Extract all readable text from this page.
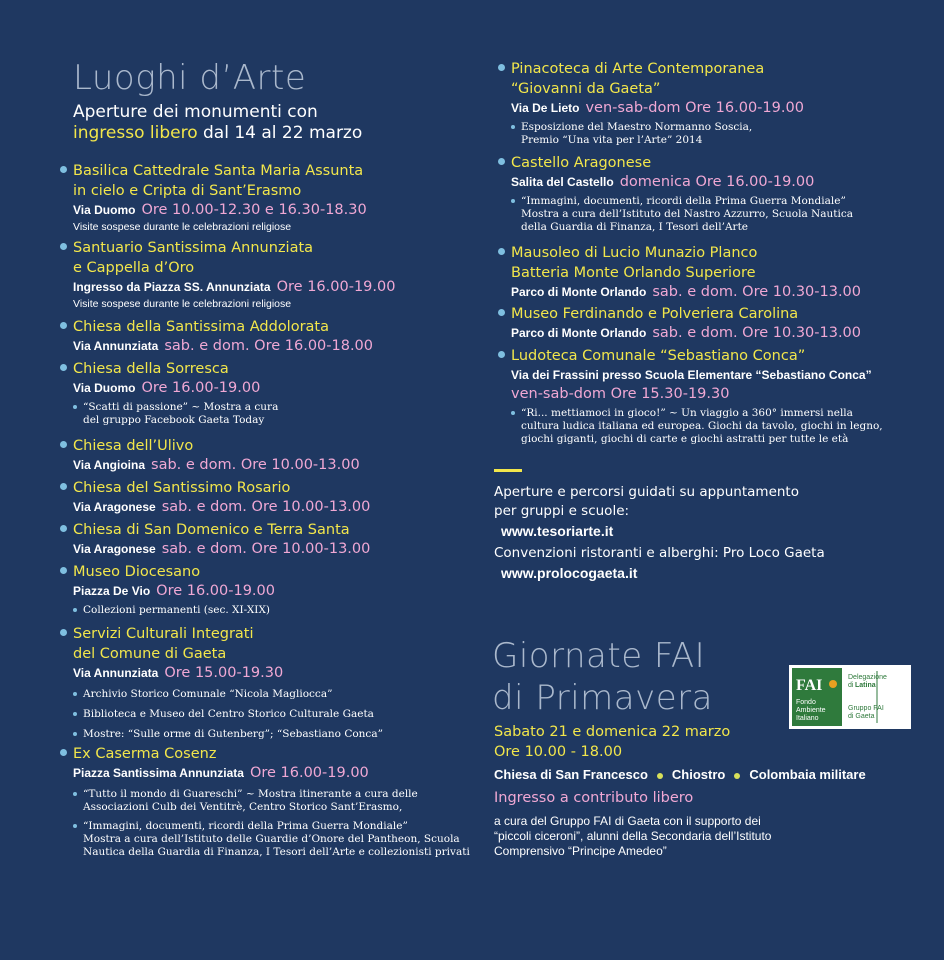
Luoghi d’Arte
Aperture dei monumenti con
ingresso libero dal 14 al 22 marzo
Basilica Cattedrale Santa Maria Assunta
in cielo e Cripta di Sant’Erasmo
Via Duomo Ore 10.00-12.30 e 16.30-18.30
Visite sospese durante le celebrazioni religiose
Santuario Santissima Annunziata
e Cappella d’Oro
Ingresso da Piazza SS. Annunziata Ore 16.00-19.00
Visite sospese durante le celebrazioni religiose
Chiesa della Santissima Addolorata
Via Annunziata sab. e dom. Ore 16.00-18.00
Chiesa della Sorresca
Via Duomo Ore 16.00-19.00
“Scatti di passione” ~ Mostra a cura
del gruppo Facebook Gaeta Today
Chiesa dell’Ulivo
Via Angioina sab. e dom. Ore 10.00-13.00
Chiesa del Santissimo Rosario
Via Aragonese sab. e dom. Ore 10.00-13.00
Chiesa di San Domenico e Terra Santa
Via Aragonese sab. e dom. Ore 10.00-13.00
Museo Diocesano
Piazza De Vio Ore 16.00-19.00
Collezioni permanenti (sec. XI-XIX)
Servizi Culturali Integrati
del Comune di Gaeta
Via Annunziata Ore 15.00-19.30
Archivio Storico Comunale “Nicola Magliocca”
Biblioteca e Museo del Centro Storico Culturale Gaeta
Mostre: “Sulle orme di Gutenberg”; “Sebastiano Conca”
Ex Caserma Cosenz
Piazza Santissima Annunziata Ore 16.00-19.00
“Tutto il mondo di Guareschi” ~ Mostra itinerante a cura delle
Associazioni Culb dei Ventitrè, Centro Storico Sant’Erasmo,
“Immagini, documenti, ricordi della Prima Guerra Mondiale”
Mostra a cura dell’Istituto delle Guardie d’Onore del Pantheon, Scuola
Nautica della Guardia di Finanza, I Tesori dell’Arte e collezionisti privati
Pinacoteca di Arte Contemporanea
“Giovanni da Gaeta”
Via De Lieto ven-sab-dom Ore 16.00-19.00
Esposizione del Maestro Normanno Soscia,
Premio “Una vita per l’Arte” 2014
Castello Aragonese
Salita del Castello domenica Ore 16.00-19.00
“Immagini, documenti, ricordi della Prima Guerra Mondiale”
Mostra a cura dell’Istituto del Nastro Azzurro, Scuola Nautica
della Guardia di Finanza, I Tesori dell’Arte
Mausoleo di Lucio Munazio Planco
Batteria Monte Orlando Superiore
Parco di Monte Orlando sab. e dom. Ore 10.30-13.00
Museo Ferdinando e Polveriera Carolina
Parco di Monte Orlando sab. e dom. Ore 10.30-13.00
Ludoteca Comunale “Sebastiano Conca”
Via dei Frassini presso Scuola Elementare “Sebastiano Conca”
ven-sab-dom Ore 15.30-19.30
“Ri... mettiamoci in gioco!” ~ Un viaggio a 360° immersi nella
cultura ludica italiana ed europea. Giochi da tavolo, giochi in legno,
giochi giganti, giochi di carte e giochi astratti per tutte le età
Aperture e percorsi guidati su appuntamento
per gruppi e scuole:
www.tesoriarte.it
Convenzioni ristoranti e alberghi: Pro Loco Gaeta
www.prolocogaeta.it
Giornate FAI
di Primavera
Sabato 21 e domenica 22 marzo
Ore 10.00 - 18.00
Chiesa di San Francesco Chiostro Colombaia militare
Ingresso a contributo libero
a cura del Gruppo FAI di Gaeta con il supporto dei
“piccoli ciceroni”, alunni della Secondaria dell’Istituto
Comprensivo “Principe Amedeo”
FAI
Fondo
Ambiente
Italiano
Delegazione
di Latina
Gruppo FAI
di Gaeta
